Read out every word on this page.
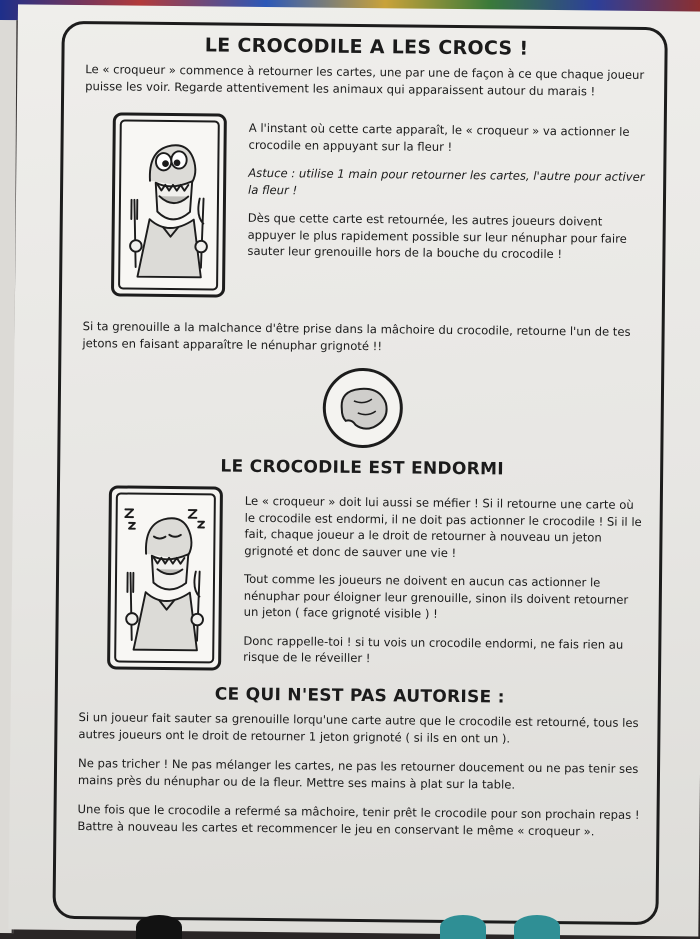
LE CROCODILE A LES CROCS !

Le « croqueur » commence à retourner les cartes, une par une de façon à ce que chaque joueur puisse les voir. Regarde attentivement les animaux qui apparaissent autour du marais !

A l'instant où cette carte apparaît, le « croqueur » va actionner le crocodile en appuyant sur la fleur !

Astuce : utilise 1 main pour retourner les cartes, l'autre pour activer la fleur !

Dès que cette carte est retournée, les autres joueurs doivent appuyer le plus rapidement possible sur leur nénuphar pour faire sauter leur grenouille hors de la bouche du crocodile !

Si ta grenouille a la malchance d'être prise dans la mâchoire du crocodile, retourne l'un de tes jetons en faisant apparaître le nénuphar grignoté !!

LE CROCODILE EST ENDORMI

Le « croqueur » doit lui aussi se méfier ! Si il retourne une carte où le crocodile est endormi, il ne doit pas actionner le crocodile ! Si il le fait, chaque joueur a le droit de retourner à nouveau un jeton grignoté et donc de sauver une vie !

Tout comme les joueurs ne doivent en aucun cas actionner le nénuphar pour éloigner leur grenouille, sinon ils doivent retourner un jeton ( face grignoté visible ) !

Donc rappelle-toi ! si tu vois un crocodile endormi, ne fais rien au risque de le réveiller !

CE QUI N'EST PAS AUTORISE :

Si un joueur fait sauter sa grenouille lorqu'une carte autre que le crocodile est retourné, tous les autres joueurs ont le droit de retourner 1 jeton grignoté ( si ils en ont un ).

Ne pas tricher ! Ne pas mélanger les cartes, ne pas les retourner doucement ou ne pas tenir ses mains près du nénuphar ou de la fleur. Mettre ses mains à plat sur la table.

Une fois que le crocodile a refermé sa mâchoire, tenir prêt le crocodile pour son prochain repas ! Battre à nouveau les cartes et recommencer le jeu en conservant le même « croqueur ».
